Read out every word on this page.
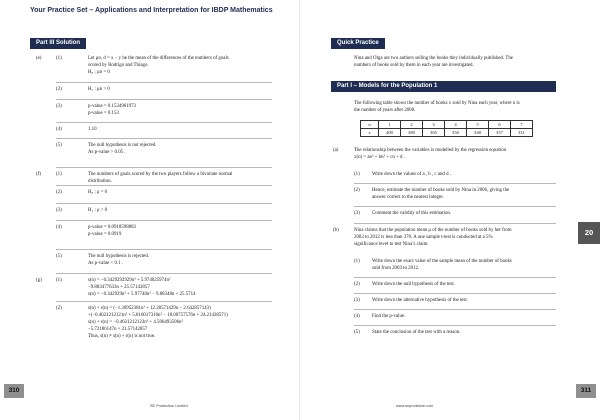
Your Practice Set – Applications and Interpretation for IBDP Mathematics
Part III Solution
(e)	(1)	Let μᴅ, d = x − y be the mean of the differences of the numbers of goals
scored by Rodrigo and Thiago.
H₀ : μᴅ = 0
(2)	H₁ : μᴅ > 0
(3)	p-value = 0.1534961973
p-value = 0.153
(4)	1.10
(5)	The null hypothesis is not rejected.
As p-value > 0.05 .
(f)	(1)	The numbers of goals scored by the two players follow a bivariate normal
distribution.
(2)	H₀ : ρ = 0
(3)	H₁ : ρ > 0
(4)	p-value = 0.0918598883
p-value = 0.0919
(5)	The null hypothesis is rejected.
As p-value < 0.1 .
(g)	(1)	s(n) = −0.3429292929n³ + 5.974025974n²
−9.883477633n + 25.57142857
s(n) = −0.342929n³ + 5.97740n² − 9.88348n + 25.5714
(2)	s(n) + r(n) = (−1.30952381n³ + 12.28571429n − 2.642857143)
+(−0.4621212121n³ + 5.816017316n² − 18.00757576n + 24.21428571)
s(n) + r(n) = −0.4621212123n³ + 4.506493506n²
−5.72186147n + 21.57142857
Thus, s(n) ≠ s(n) + r(n) is not true.
Quick Practice
Nina and Olga are two authors selling the books they individually published. The
numbers of books sold by them in each year are investigated.
Part I – Models for the Population 1
The following table shows the number of books x sold by Nina each year, where n is
the number of years after 2000.
n	1	2	3	4	5	6	7
x	400	380	365	350	348	357	311
(a)	The relationship between the variables is modelled by the regression equation
x(n) = an³ + bn² + cn + d .
(1)	Write down the values of a , b , c and d .
(2)	Hence, estimate the number of books sold by Nina in 2006, giving the
answer correct to the nearest integer.
(3)	Comment the validity of this estimation.
(b)	Nina claims that the population mean μ of the number of books sold by her from
2003 to 2012 is less than 370. A one sample t-test is conducted at a 5%
significance level to test Nina’s claim.
(1)	Write down the exact value of the sample mean of the number of books
sold from 2003 to 2012.
(2)	Write down the null hypothesis of the test.
(3)	Write down the alternative hypothesis of the test.
(4)	Find the p-value.
(5)	State the conclusion of the test with a reason.
20
310
SE Production Limited	www.seprodstore.com
311
